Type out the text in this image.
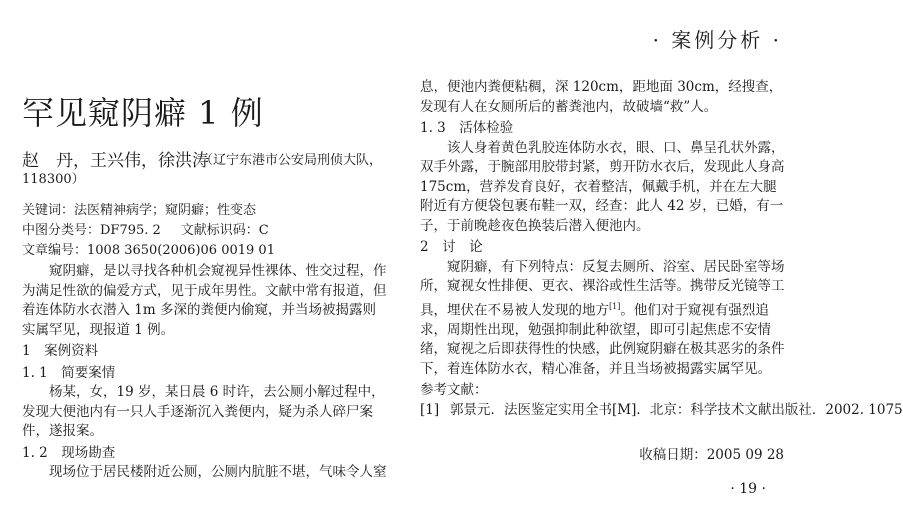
· 案例分析 ·
罕见窥阴癖 1 例
赵　丹，王兴伟，徐洪涛
（辽宁东港市公安局刑侦大队，
118300）
关键词：法医精神病学；窥阴癖；性变态
中图分类号：DF795. 2 文献标识码：C
文章编号：1008 3650(2006)06 0019 01

窥阴癖，是以寻找各种机会窥视异性裸体、性交过程，作为满足性欲的偏爱方式，见于成年男性。文献中常有报道，但着连体防水衣潜入 1m 多深的粪便内偷窥，并当场被揭露则实属罕见，现报道 1 例。

1　案例资料

1. 1　简要案情

杨某，女，19 岁，某日晨 6 时许，去公厕小解过程中，发现大便池内有一只人手逐渐沉入粪便内，疑为杀人碎尸案件，遂报案。

1. 2　现场勘查

现场位于居民楼附近公厕，公厕内肮脏不堪，气味令人窒

息，便池内粪便粘稠，深 120cm，距地面 30cm，经搜查，发现有人在女厕所后的蓄粪池内，故破墙“救”人。

1. 3　活体检验

该人身着黄色乳胶连体防水衣，眼、口、鼻呈孔状外露，双手外露，于腕部用胶带封紧，剪开防水衣后，发现此人身高 175cm，营养发育良好，衣着整洁，佩戴手机，并在左大腿附近有方便袋包裹布鞋一双，经查：此人 42 岁，已婚，有一子，于前晚趁夜色换装后潜入便池内。

2　讨　论

窥阴癖，有下列特点：反复去厕所、浴室、居民卧室等场所，窥视女性排便、更衣、裸浴或性生活等。携带反光镜等工具，埋伏在不易被人发现的地方[1]。他们对于窥视有强烈追求，周期性出现，勉强抑制此种欲望，即可引起焦虑不安情绪，窥视之后即获得性的快感，此例窥阴癖在极其恶劣的条件下，着连体防水衣，精心准备，并且当场被揭露实属罕见。

参考文献：

[1] 郭景元．法医鉴定实用全书[M]．北京：科学技术文献出版社．2002. 1075
收稿日期：2005 09 28
· 19 ·
